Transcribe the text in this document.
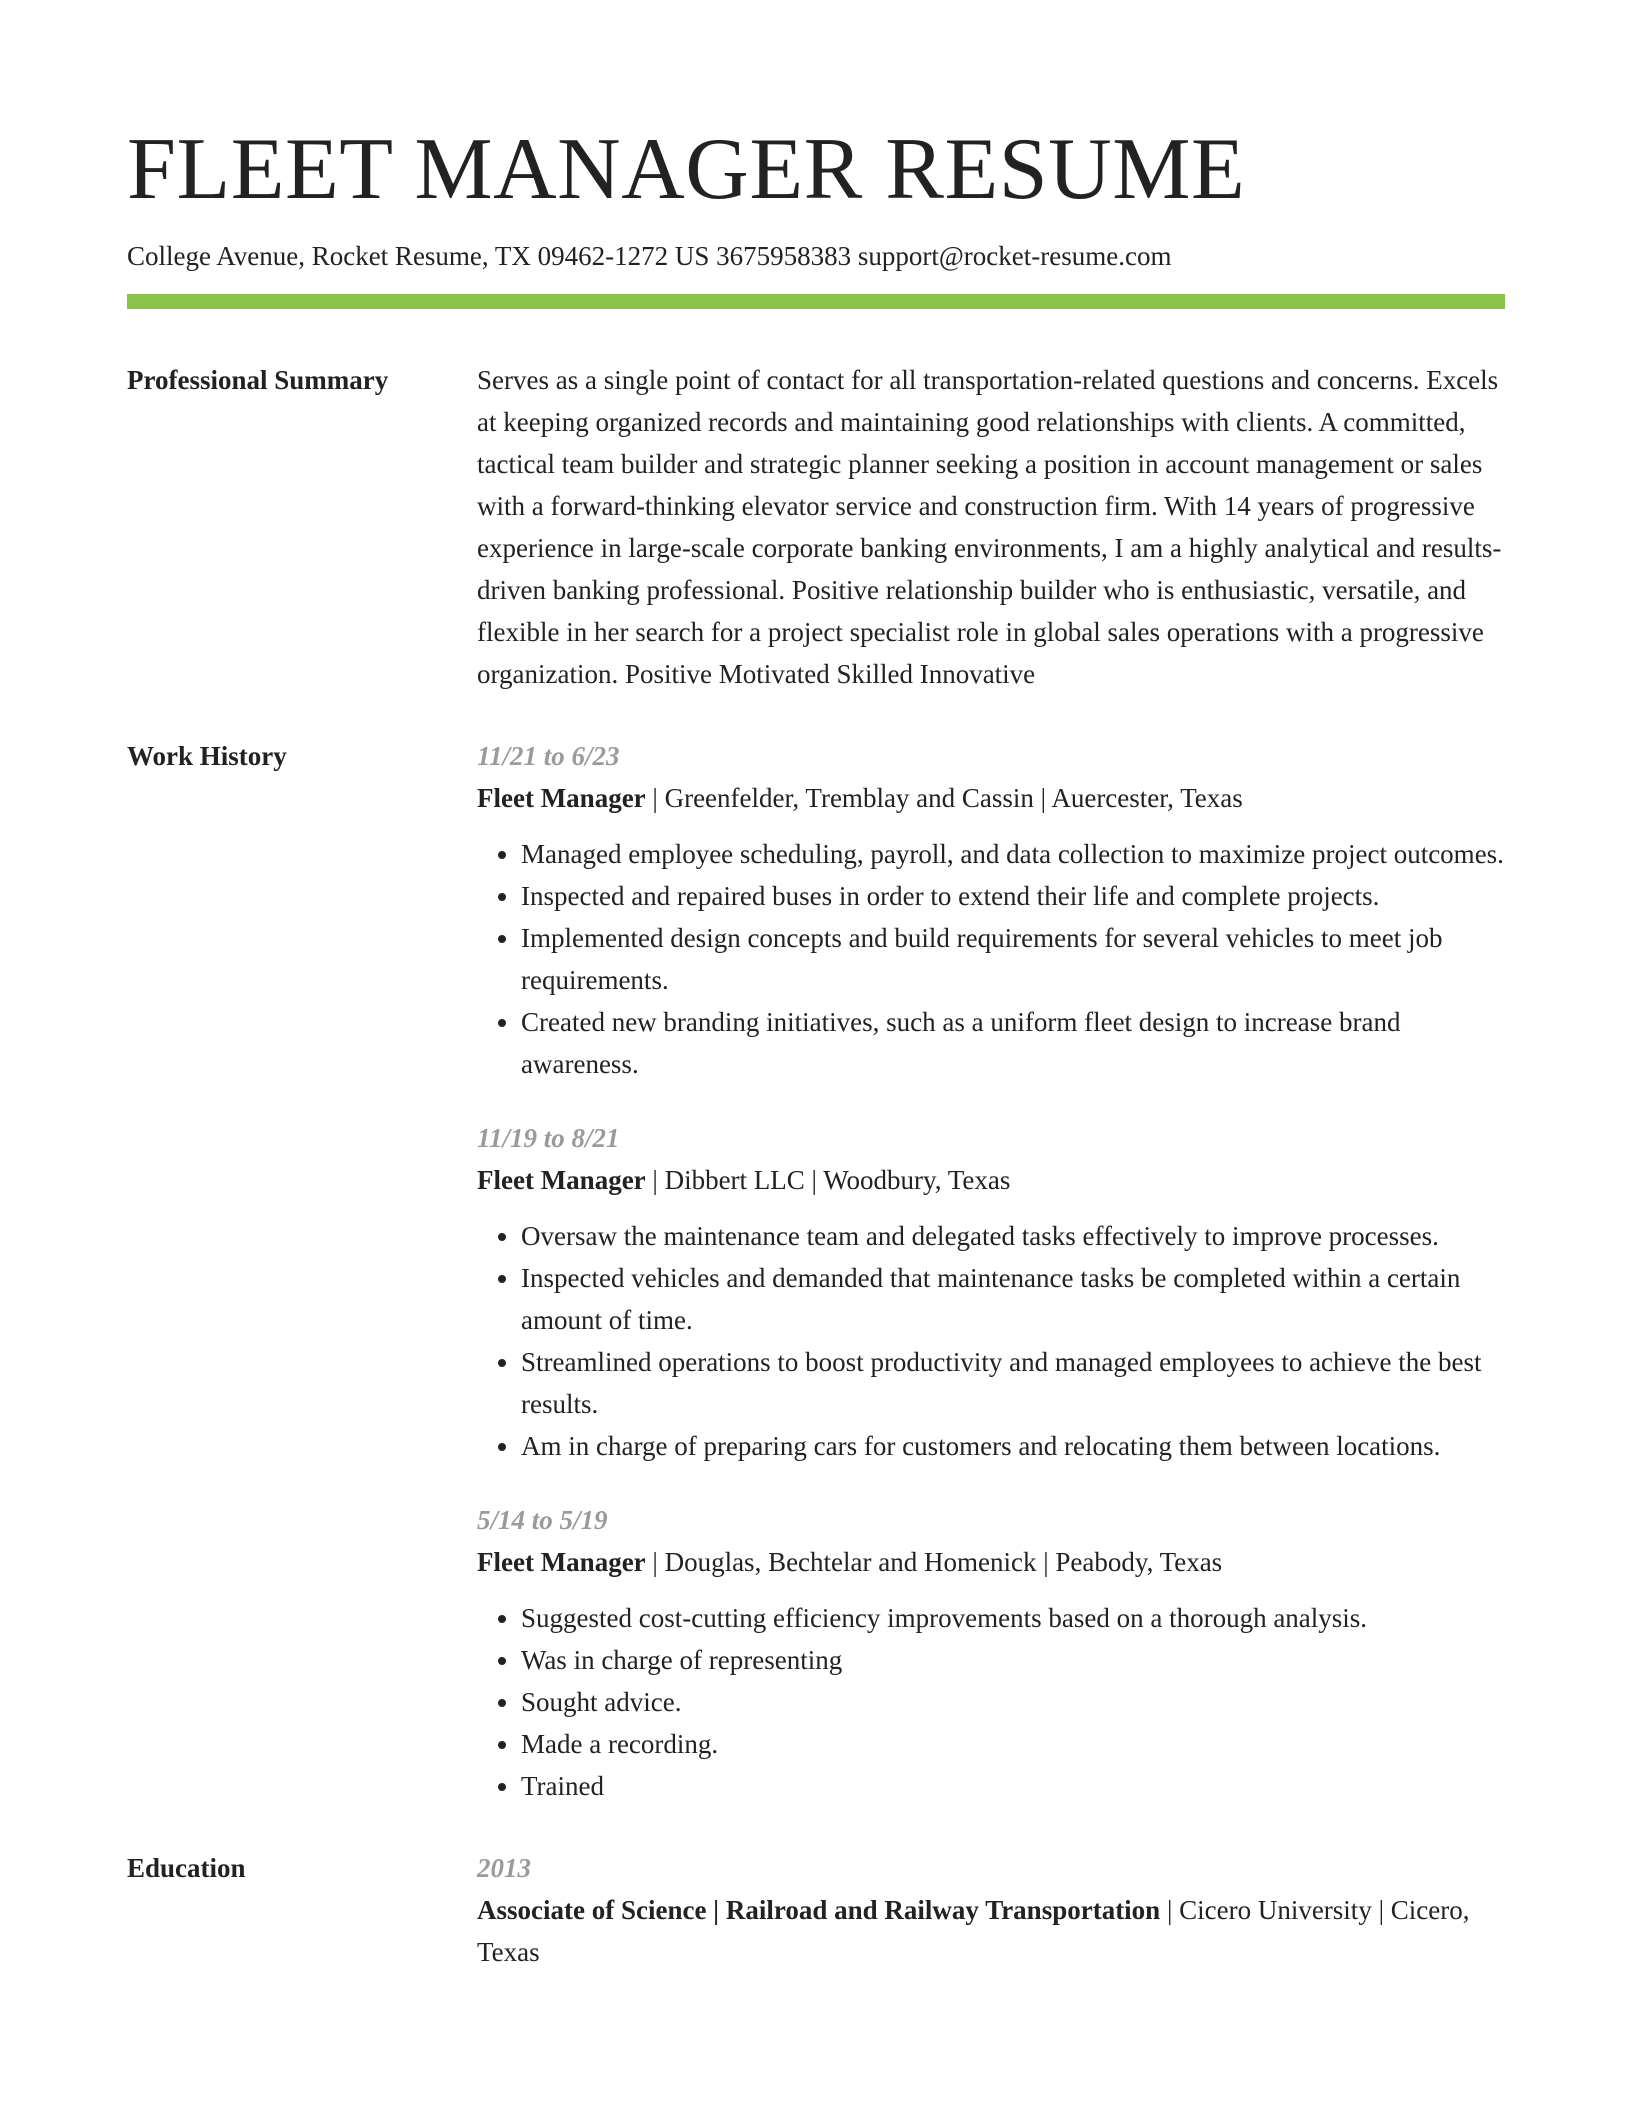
FLEET MANAGER RESUME
College Avenue, Rocket Resume, TX 09462-1272 US 3675958383 support@rocket-resume.com
Professional Summary	Serves as a single point of contact for all transportation-related questions and concerns. Excels at keeping organized records and maintaining good relationships with clients. A committed, tactical team builder and strategic planner seeking a position in account management or sales with a forward-thinking elevator service and construction firm. With 14 years of progressive experience in large-scale corporate banking environments, I am a highly analytical and results-driven banking professional. Positive relationship builder who is enthusiastic, versatile, and flexible in her search for a project specialist role in global sales operations with a progressive organization. Positive Motivated Skilled Innovative

Work History	11/21 to 6/23
Fleet Manager | Greenfelder, Tremblay and Cassin | Auercester, Texas
• Managed employee scheduling, payroll, and data collection to maximize project outcomes.
• Inspected and repaired buses in order to extend their life and complete projects.
• Implemented design concepts and build requirements for several vehicles to meet job requirements.
• Created new branding initiatives, such as a uniform fleet design to increase brand awareness.
11/19 to 8/21
Fleet Manager | Dibbert LLC | Woodbury, Texas
• Oversaw the maintenance team and delegated tasks effectively to improve processes.
• Inspected vehicles and demanded that maintenance tasks be completed within a certain amount of time.
• Streamlined operations to boost productivity and managed employees to achieve the best results.
• Am in charge of preparing cars for customers and relocating them between locations.
5/14 to 5/19
Fleet Manager | Douglas, Bechtelar and Homenick | Peabody, Texas
• Suggested cost-cutting efficiency improvements based on a thorough analysis.
• Was in charge of representing
• Sought advice.
• Made a recording.
• Trained
Education	2013
Associate of Science | Railroad and Railway Transportation | Cicero University | Cicero, Texas
